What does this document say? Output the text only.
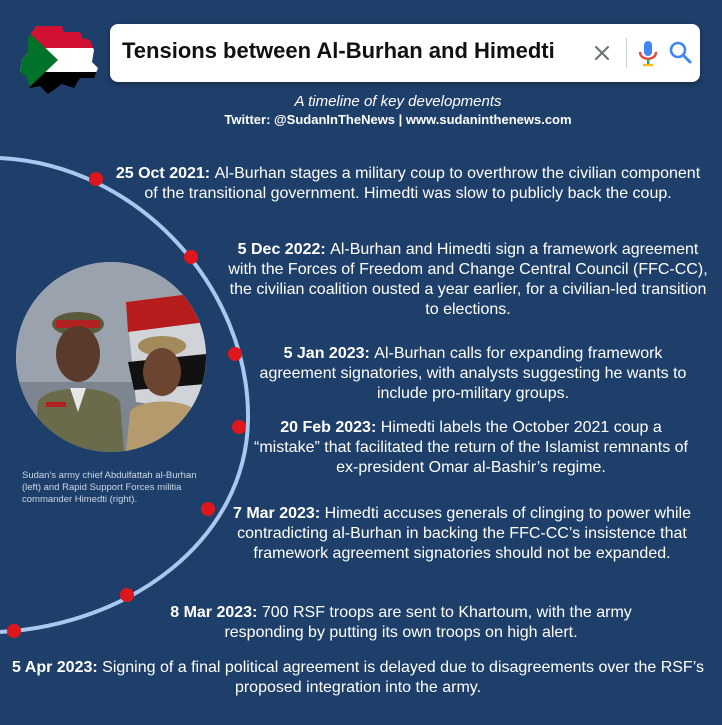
Tensions between Al-Burhan and Himedti
A timeline of key developments
Twitter: @SudanInTheNews | www.sudaninthenews.com
Sudan's army chief Abdulfattah al-Burhan (left) and Rapid Support Forces militia commander Himedti (right).
25 Oct 2021: Al-Burhan stages a military coup to overthrow the civilian component of the transitional government. Himedti was slow to publicly back the coup.
5 Dec 2022: Al-Burhan and Himedti sign a framework agreement with the Forces of Freedom and Change Central Council (FFC-CC), the civilian coalition ousted a year earlier, for a civilian-led transition to elections.
5 Jan 2023: Al-Burhan calls for expanding framework agreement signatories, with analysts suggesting he wants to include pro-military groups.
20 Feb 2023: Himedti labels the October 2021 coup a “mistake” that facilitated the return of the Islamist remnants of ex-president Omar al-Bashir’s regime.
7 Mar 2023: Himedti accuses generals of clinging to power while contradicting al-Burhan in backing the FFC-CC’s insistence that framework agreement signatories should not be expanded.
8 Mar 2023: 700 RSF troops are sent to Khartoum, with the army responding by putting its own troops on high alert.
5 Apr 2023: Signing of a final political agreement is delayed due to disagreements over the RSF’s proposed integration into the army.
